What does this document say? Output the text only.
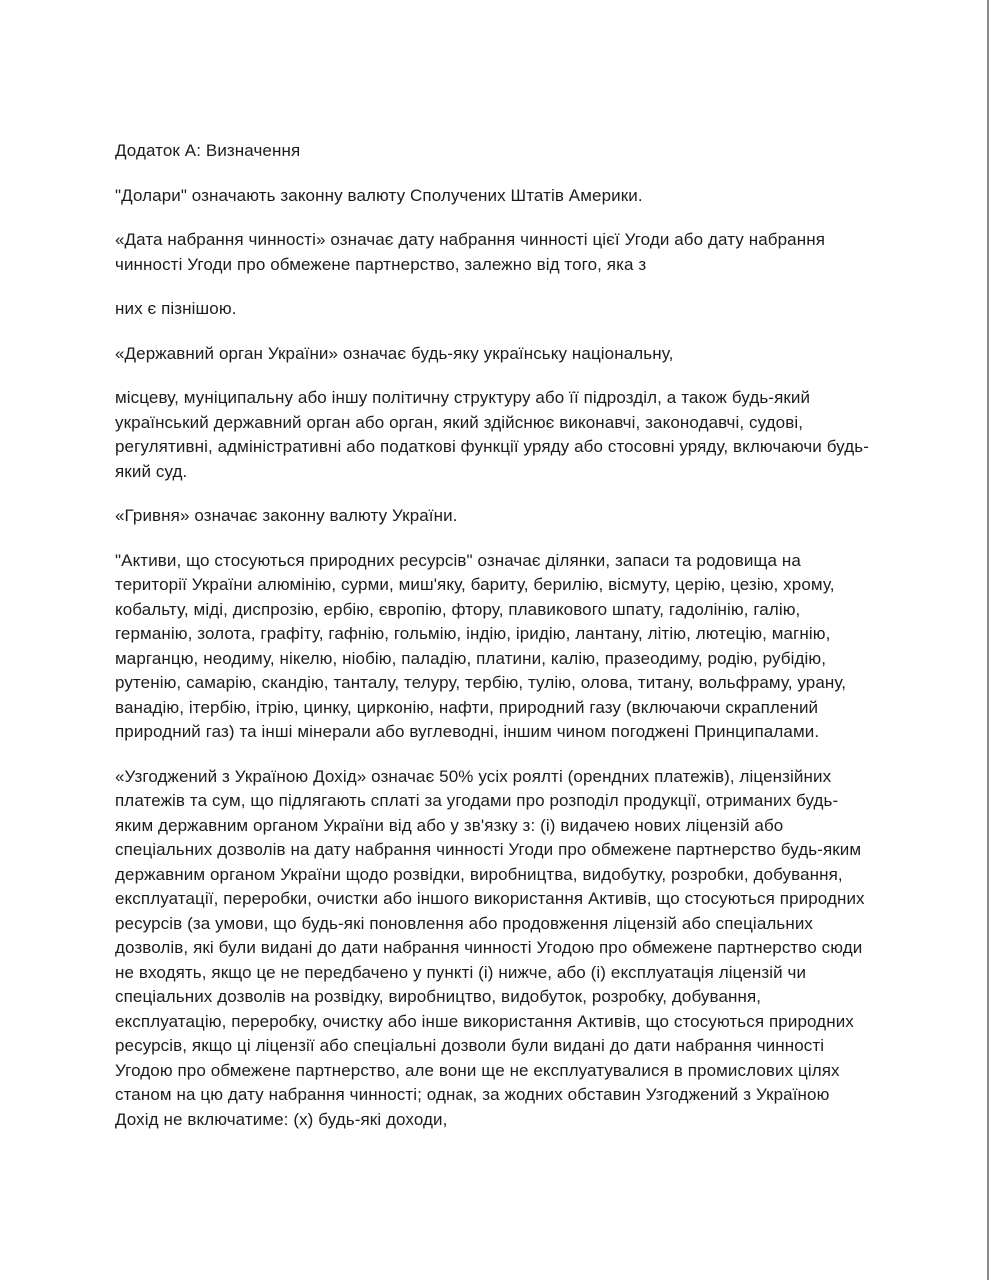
Додаток А: Визначення

"Долари" означають законну валюту Сполучених Штатів Америки.

«Дата набрання чинності» означає дату набрання чинності цієї Угоди або дату набрання чинності Угоди про обмежене партнерство, залежно від того, яка з

них є пізнішою.

«Державний орган України» означає будь-яку українську національну,

місцеву, муніципальну або іншу політичну структуру або її підрозділ, а також будь-який український державний орган або орган, який здійснює виконавчі, законодавчі, судові, регулятивні, адміністративні або податкові функції уряду або стосовні уряду, включаючи будь-який суд.

«Гривня» означає законну валюту України.

"Активи, що стосуються природних ресурсів" означає ділянки, запаси та родовища на території України алюмінію, сурми, миш'яку, бариту, берилію, вісмуту, церію, цезію, хрому, кобальту, міді, диспрозію, ербію, європію, фтору, плавикового шпату, гадолінію, галію, германію, золота, графіту, гафнію, гольмію, індію, іридію, лантану, літію, лютецію, магнію, марганцю, неодиму, нікелю, ніобію, паладію, платини, калію, празеодиму, родію, рубідію, рутенію, самарію, скандію, танталу, телуру, тербію, тулію, олова, титану, вольфраму, урану, ванадію, ітербію, ітрію, цинку, цирконію, нафти, природний газу (включаючи скраплений природний газ) та інші мінерали або вуглеводні, іншим чином погоджені Принципалами.

«Узгоджений з Україною Дохід» означає 50% усіх роялті (орендних платежів), ліцензійних платежів та сум, що підлягають сплаті за угодами про розподіл продукції, отриманих будь-яким державним органом України від або у зв'язку з: (і) видачею нових ліцензій або спеціальних дозволів на дату набрання чинності Угоди про обмежене партнерство будь-яким державним органом України щодо розвідки, виробництва, видобутку, розробки, добування, експлуатації, переробки, очистки або іншого використання Активів, що стосуються природних ресурсів (за умови, що будь-які поновлення або продовження ліцензій або спеціальних дозволів, які були видані до дати набрання чинності Угодою про обмежене партнерство сюди не входять, якщо це не передбачено у пункті (і) нижче, або (і) експлуатація ліцензій чи спеціальних дозволів на розвідку, виробництво, видобуток, розробку, добування, експлуатацію, переробку, очистку або інше використання Активів, що стосуються природних ресурсів, якщо ці ліцензії або спеціальні дозволи були видані до дати набрання чинності Угодою про обмежене партнерство, але вони ще не експлуатувалися в промислових цілях станом на цю дату набрання чинності; однак, за жодних обставин Узгоджений з Україною Дохід не включатиме: (х) будь-які доходи,
